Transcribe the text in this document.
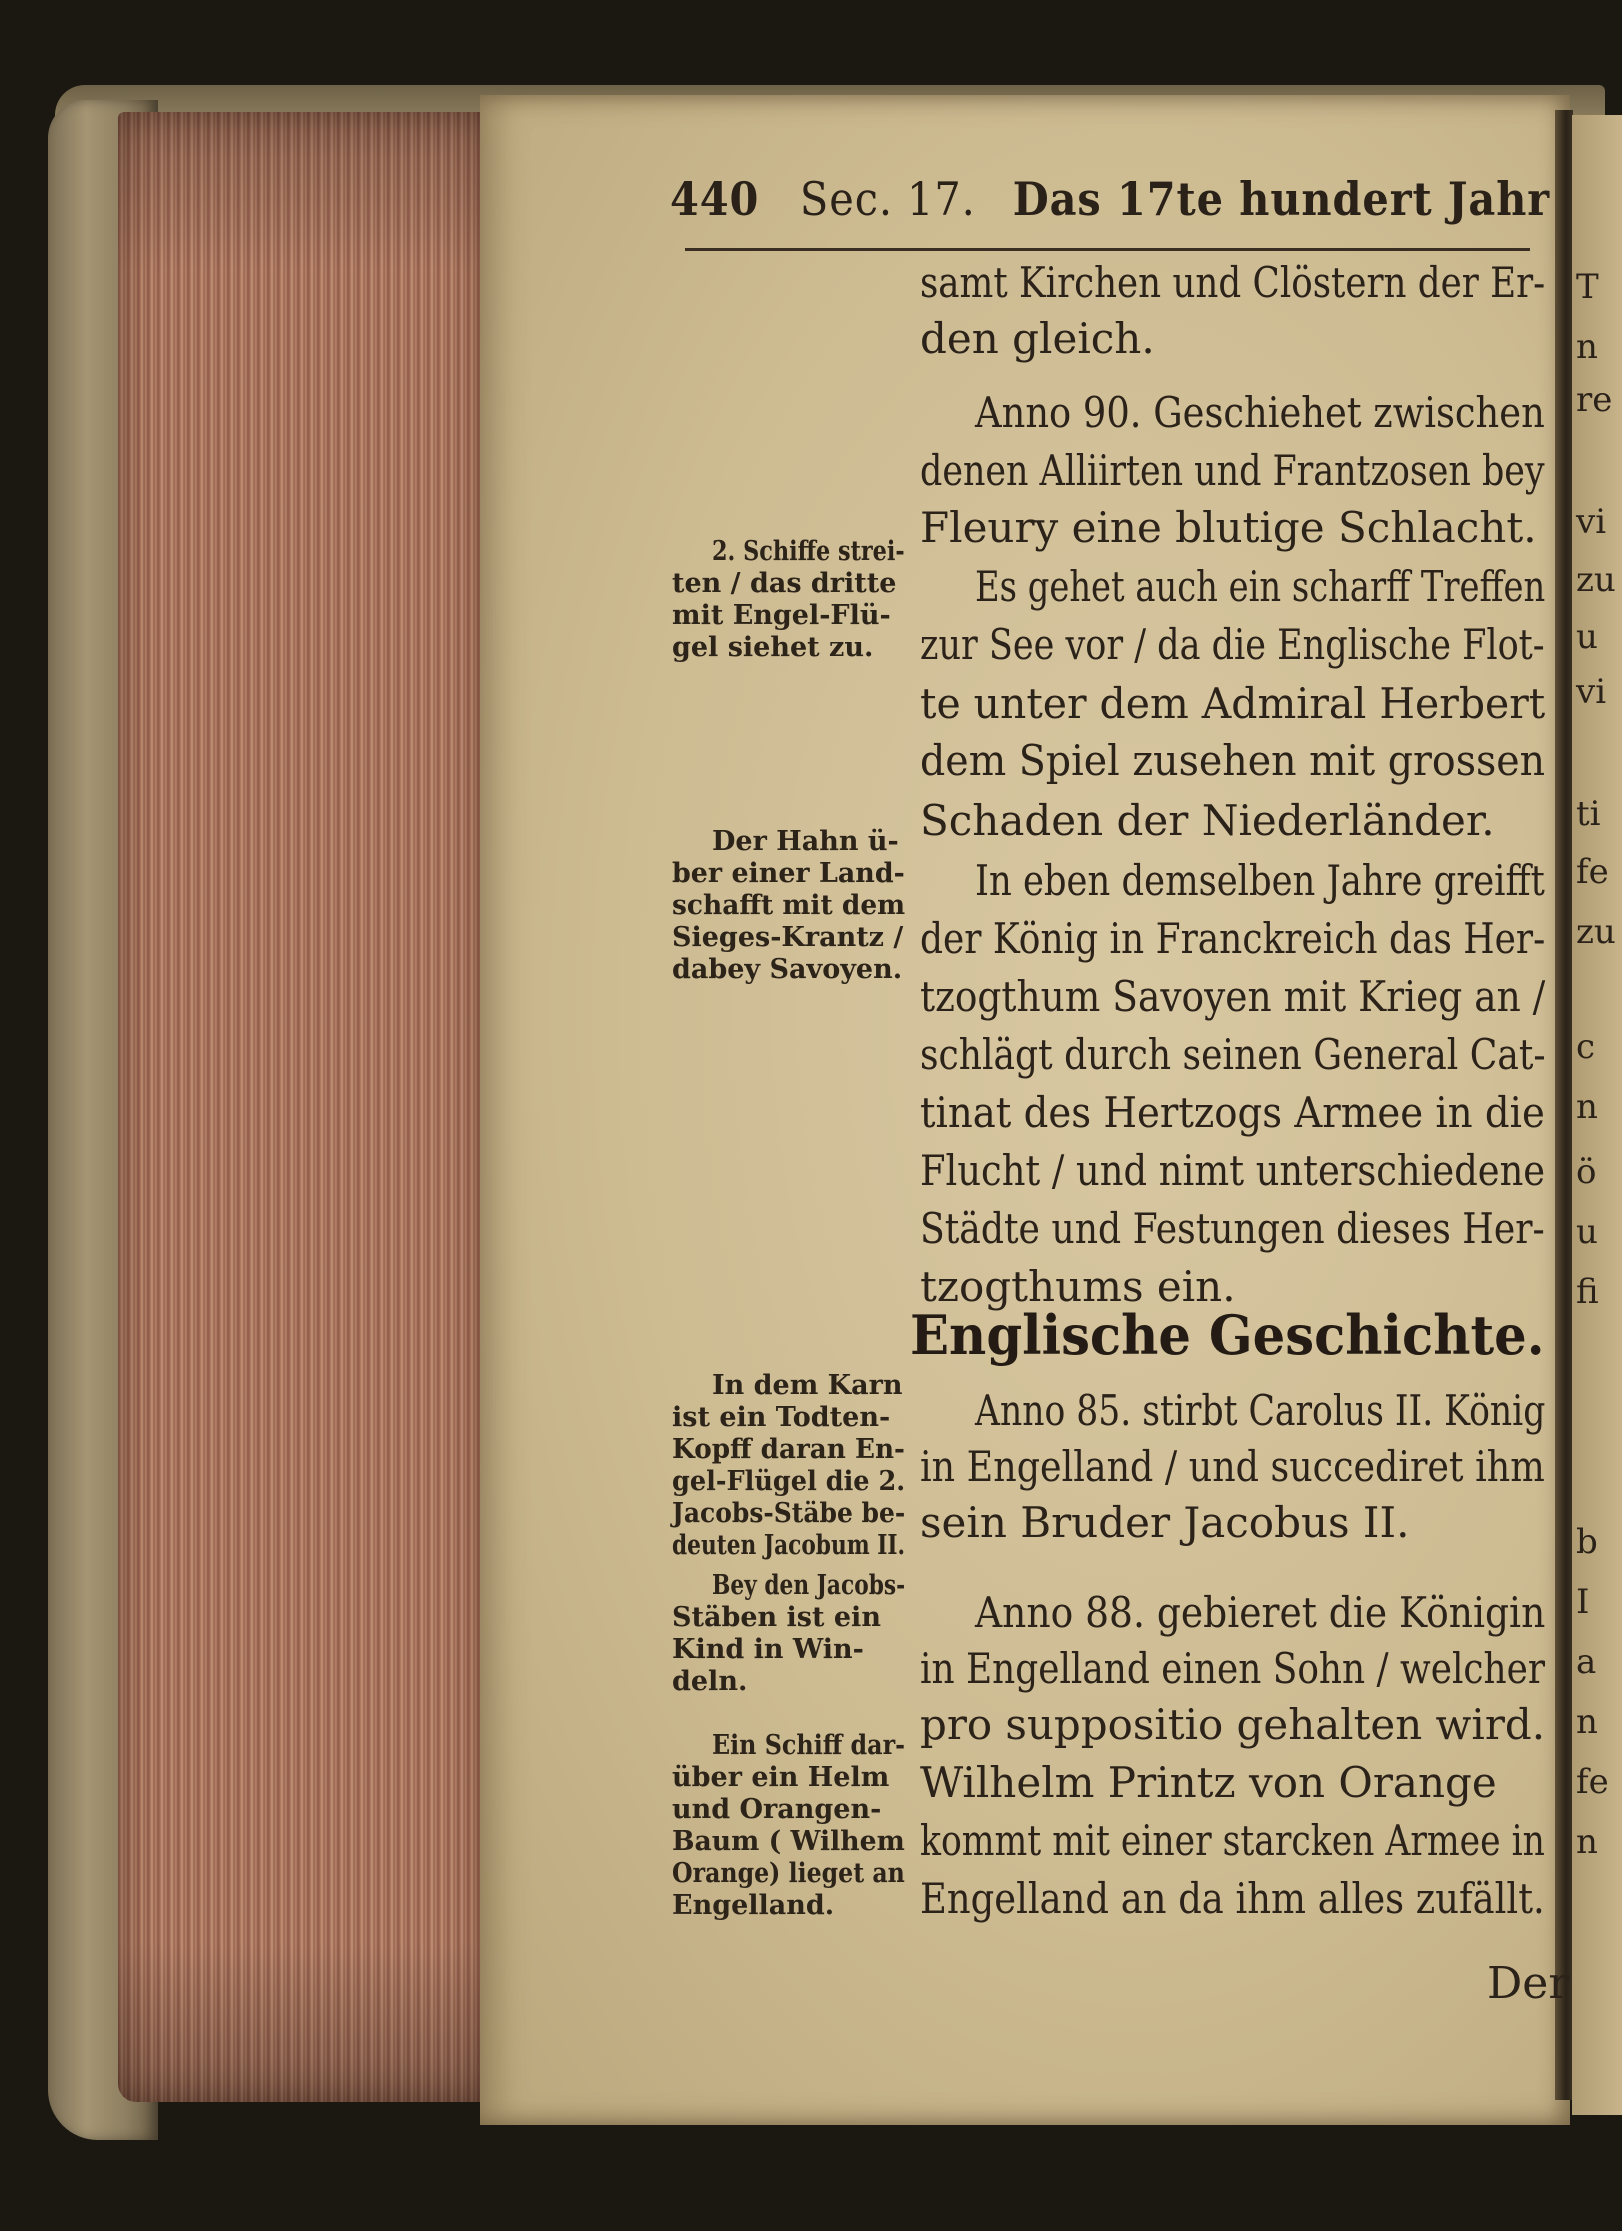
T
n
re
vi
zu
u
vi
ti
fe
zu
c
n
ö
u
fi
b
I
a
n
fe
n
440 Sec. 17. Das 17te hundert Jahr
samt Kirchen und Clöstern der Er-
den gleich.
Anno 90. Geschiehet zwischen
denen Alliirten und Frantzosen bey
Fleury eine blutige Schlacht.
Es gehet auch ein scharff Treffen
zur See vor / da die Englische Flot-
te unter dem Admiral Herbert
dem Spiel zusehen mit grossen
Schaden der Niederländer.
In eben demselben Jahre greifft
der König in Franckreich das Her-
tzogthum Savoyen mit Krieg an /
schlägt durch seinen General Cat-
tinat des Hertzogs Armee in die
Flucht / und nimt unterschiedene
Städte und Festungen dieses Her-
tzogthums ein.
Englische Geschichte.
Anno 85. stirbt Carolus II. König
in Engelland / und succediret ihm
sein Bruder Jacobus II.
Anno 88. gebieret die Königin
in Engelland einen Sohn / welcher
pro suppositio gehalten wird.
Wilhelm Printz von Orange
kommt mit einer starcken Armee in
Engelland an da ihm alles zufällt.
Der
2. Schiffe strei-
ten / das dritte
mit Engel-Flü-
gel siehet zu.
Der Hahn ü-
ber einer Land-
schafft mit dem
Sieges-Krantz /
dabey Savoyen.
In dem Karn
ist ein Todten-
Kopff daran En-
gel-Flügel die 2.
Jacobs-Stäbe be-
deuten Jacobum II.
Bey den Jacobs-
Stäben ist ein
Kind in Win-
deln.
Ein Schiff dar-
über ein Helm
und Orangen-
Baum ( Wilhem
Orange) lieget an
Engelland.
